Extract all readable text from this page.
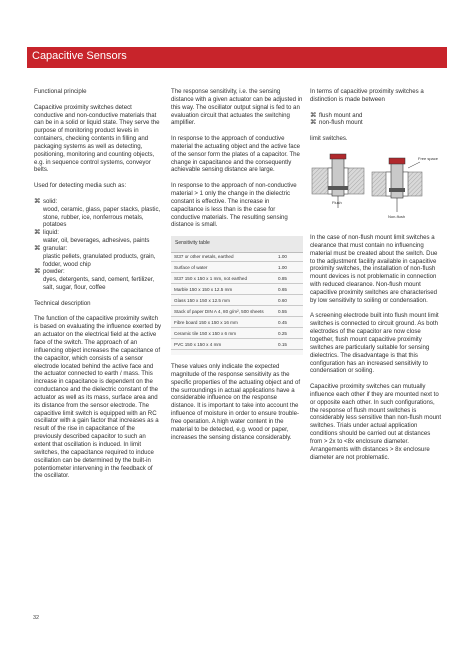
Capacitive Sensors

Functional principle

Capacitive proximity switches detect conductive and non-conductive materials that can be in a solid or liquid state. They serve the purpose of monitoring product levels in containers, checking contents in filling and packaging systems as well as detecting, positioning, monitoring and counting objects, e.g. in sequence control systems, conveyor belts.

Used for detecting media such as:

⌘ solid:

wood, ceramic, glass, paper stacks, plastic, stone, rubber, ice, nonferrous metals, potatoes

⌘ liquid:

water, oil, beverages, adhesives, paints

⌘ granular:

plastic pellets, granulated products, grain, fodder, wood chip

⌘ powder:

dyes, detergents, sand, cement, fertilizer, salt, sugar, flour, coffee

Technical description

The function of the capacitive proximity switch is based on evaluating the influence exerted by an actuator on the electrical field at the active face of the switch. The approach of an influencing object increases the capacitance of the capacitor, which consists of a sensor electrode located behind the active face and the actuator connected to earth / mass. This increase in capacitance is dependent on the conductance and the dielectric constant of the actuator as well as its mass, surface area and its distance from the sensor electrode. The capacitive limit switch is equipped with an RC oscillator with a gain factor that increases as a result of the rise in capacitance of the previously described capacitor to such an extent that oscillation is induced. In limit switches, the capacitance required to induce oscillation can be determined by the built-in potentiometer intervening in the feedback of the oscillator.

The response sensitivity, i.e. the sensing distance with a given actuator can be adjusted in this way. The oscillator output signal is fed to an evaluation circuit that actuates the switching amplifier.

In response to the approach of conductive material the actuating object and the active face of the sensor form the plates of a capacitor. The change in capacitance and the consequently achievable sensing distance are large.

In response to the approach of non-conductive material > 1 only the change in the dielectric constant is effective. The increase in capacitance is less than is the case for conductive materials. The resulting sensing distance is small.

Sensitivity table
St37 or other metals, earthed	1.00
Surface of water	1.00
St37 150 x 150 x 1 mm, not earthed	0.85
Marble 150 x 150 x 12.5 mm	0.65
Glass 150 x 150 x 12.5 mm	0.60
Stack of paper DIN A 4, 80 g/m², 500 sheets	0.55
Fibre board 150 x 150 x 16 mm	0.45
Ceramic tile 150 x 150 x 6 mm	0.25
PVC 150 x 150 x 4 mm	0.15

These values only indicate the expected magnitude of the response sensitivity as the specific properties of the actuating object and of the surroundings in actual applications have a considerable influence on the response distance. It is important to take into account the influence of moisture in order to ensure trouble-free operation. A high water content in the material to be detected, e.g. wood or paper, increases the sensing distance considerably.

In terms of capacitive proximity switches a distinction is made between

⌘ flush mount and
⌘ non-flush mount

limit switches.

Flush
Non-flush
Free space

In the case of non-flush mount limit switches a clearance that must contain no influencing material must be created about the switch. Due to the adjustment facility available in capacitive proximity switches, the installation of non-flush mount devices is not problematic in connection with reduced clearance. Non-flush mount capacitive proximity switches are characterised by low sensitivity to soiling or condensation.

A screening electrode built into flush mount limit switches is connected to circuit ground. As both electrodes of the capacitor are now close together, flush mount capacitive proximity switches are particularly suitable for sensing dielectrics. The disadvantage is that this configuration has an increased sensitivity to condensation or soiling.

Capacitive proximity switches can mutually influence each other if they are mounted next to or opposite each other. In such configurations, the response of flush mount switches is considerably less sensitive than non-flush mount switches. Trials under actual application conditions should be carried out at distances from > 2x to <8x enclosure diameter. Arrangements with distances > 8x enclosure diameter are not problematic.

32
